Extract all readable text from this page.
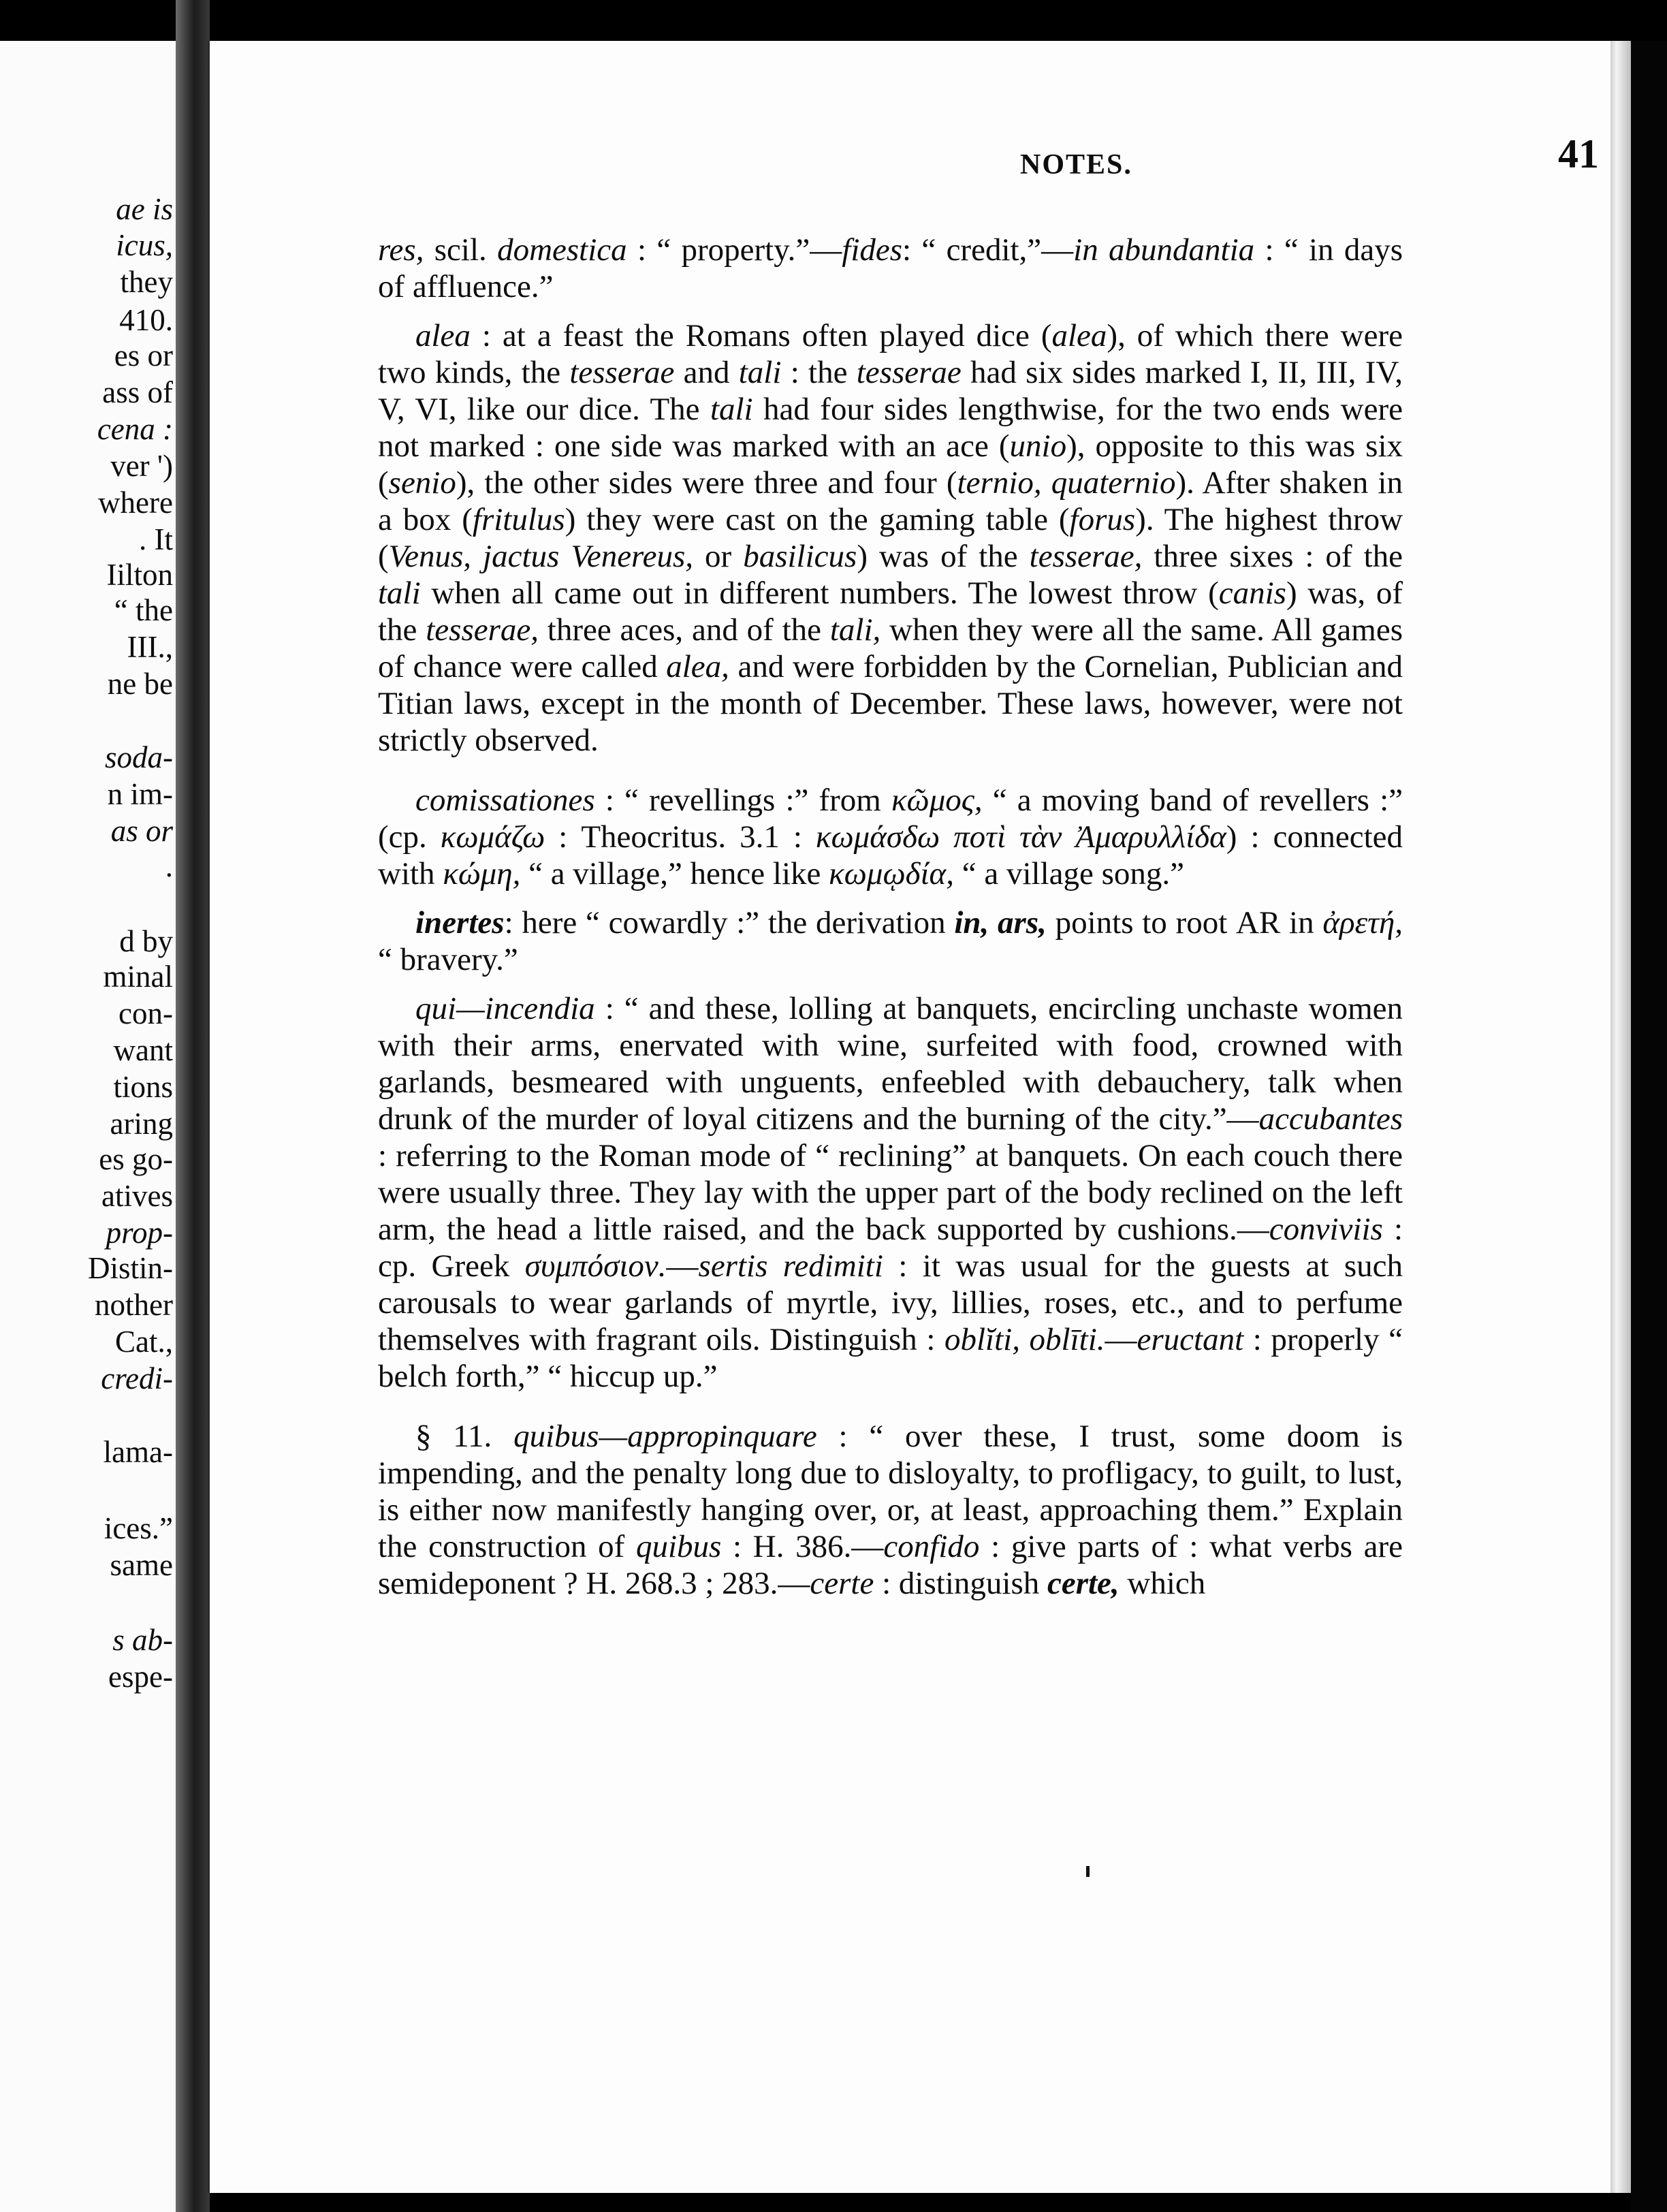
ae is
icus,
they
410.
es or
ass of
cena :
ver ')
where
. It
Iilton
“ the
III.,
ne be
soda-
n im-
as or
.
d by
minal
con-
want
tions
aring
es go-
atives
prop-
Distin-
nother
Cat.,
credi-
lama-
ices.”
same
s ab-
espe-
NOTES.	41

res, scil. domestica : “ property.”—fides: “ credit,”—in abundantia : “ in days of affluence.”

alea : at a feast the Romans often played dice (alea), of which there were two kinds, the tesserae and tali : the tesserae had six sides marked I, II, III, IV, V, VI, like our dice. The tali had four sides lengthwise, for the two ends were not marked : one side was marked with an ace (unio), opposite to this was six (senio), the other sides were three and four (ternio, quaternio). After shaken in a box (fritulus) they were cast on the gaming table (forus). The highest throw (Venus, jactus Venereus, or basilicus) was of the tesserae, three sixes : of the tali when all came out in different numbers. The lowest throw (canis) was, of the tesserae, three aces, and of the tali, when they were all the same. All games of chance were called alea, and were forbidden by the Cornelian, Publician and Titian laws, except in the month of December. These laws, however, were not strictly observed.

comissationes : “ revellings :” from κῶμος, “ a moving band of revellers :” (cp. κωμάζω : Theocritus. 3.1 : κωμάσδω ποτὶ τὰν Ἀμαρυλλίδα) : connected with κώμη, “ a village,” hence like κωμῳδία, “ a village song.”

inertes: here “ cowardly :” the derivation in, ars, points to root AR in ἀρετή, “ bravery.”

qui—incendia : “ and these, lolling at banquets, encircling unchaste women with their arms, enervated with wine, surfeited with food, crowned with garlands, besmeared with unguents, enfeebled with debauchery, talk when drunk of the murder of loyal citizens and the burning of the city.”—accubantes : referring to the Roman mode of “ reclining” at banquets. On each couch there were usually three. They lay with the upper part of the body reclined on the left arm, the head a little raised, and the back supported by cushions.—conviviis : cp. Greek συμπόσιον.—sertis redimiti : it was usual for the guests at such carousals to wear garlands of myrtle, ivy, lillies, roses, etc., and to perfume themselves with fragrant oils. Distinguish : oblĭti, oblīti.—eructant : properly “ belch forth,” “ hiccup up.”

§ 11. quibus—appropinquare : “ over these, I trust, some doom is impending, and the penalty long due to disloyalty, to profligacy, to guilt, to lust, is either now manifestly hanging over, or, at least, approaching them.” Explain the construction of quibus : H. 386.—confido : give parts of : what verbs are semideponent ? H. 268.3 ; 283.—certe : distinguish certe, which
